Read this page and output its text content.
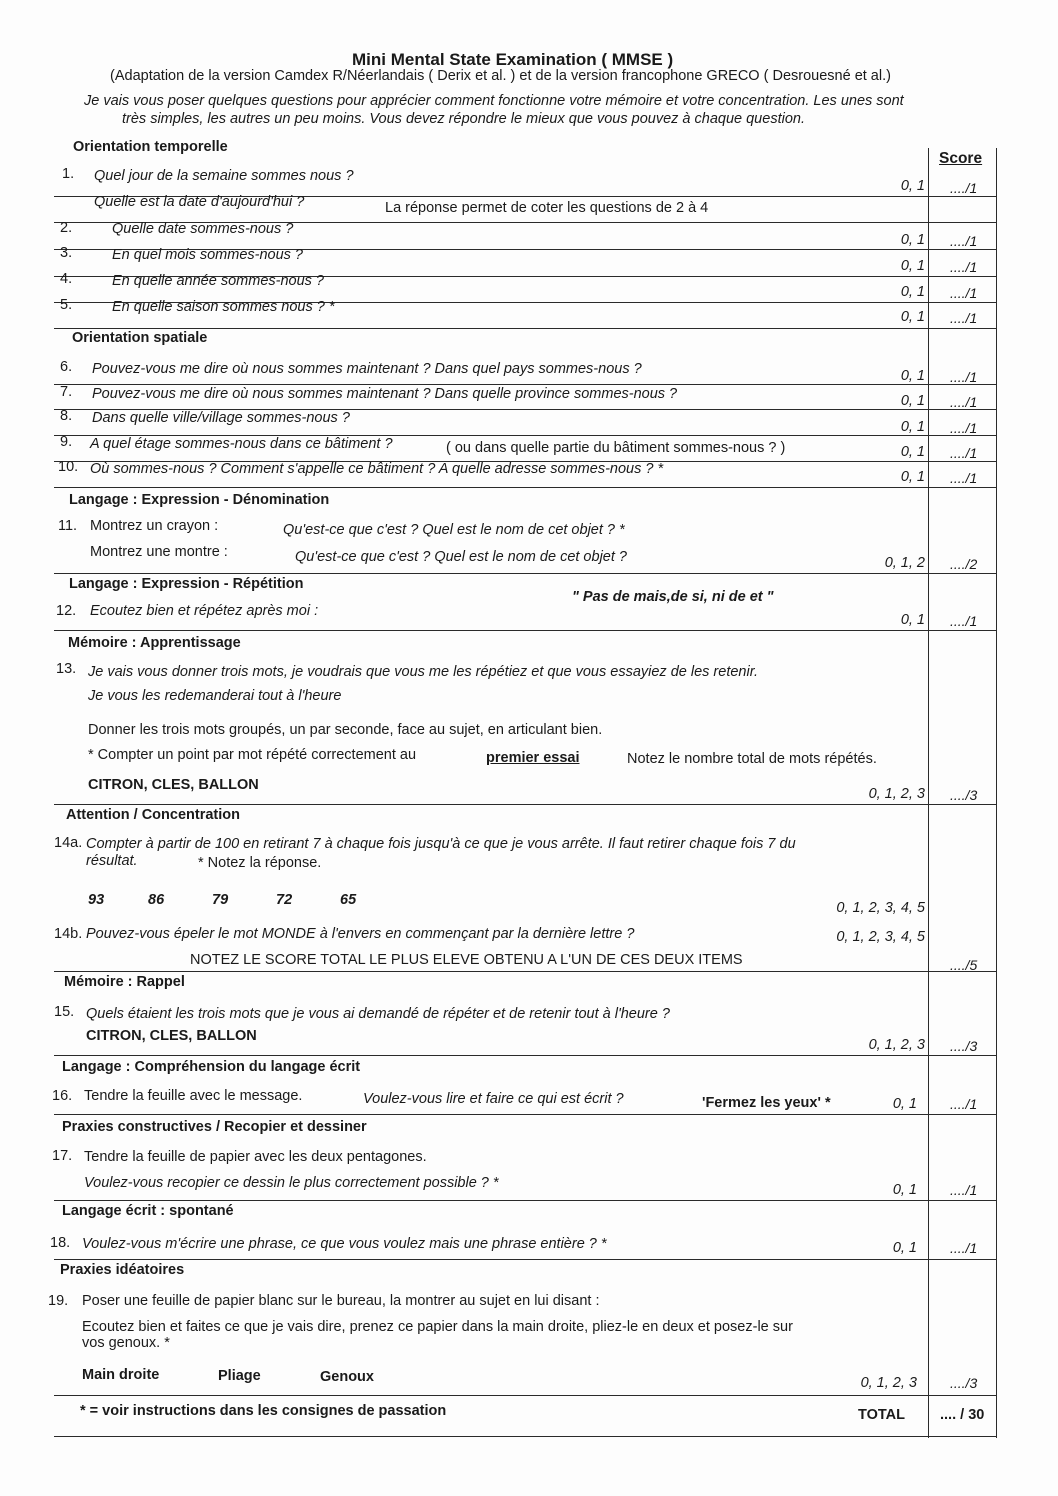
Mini Mental State Examination ( MMSE )
(Adaptation de la version Camdex R/Néerlandais ( Derix et al. ) et de la version francophone GRECO ( Desrouesné et al.)
Je vais vous poser quelques questions pour apprécier comment fonctionne votre mémoire et votre concentration. Les unes sont
très simples, les autres un peu moins. Vous devez répondre le mieux que vous pouvez à chaque question.
Score
Orientation temporelle
1. Quel jour de la semaine sommes nous ?
0, 1 ..../1
Quelle est la date d'aujourd'hui ?	La réponse permet de coter les questions de 2 à 4
2.	Quelle date sommes-nous ?
0, 1 ..../1
3.	En quel mois sommes-nous ?
0, 1 ..../1
4.	En quelle année sommes-nous ?
0, 1 ..../1
5.	En quelle saison sommes nous ? *
0, 1 ..../1
Orientation spatiale
6. Pouvez-vous me dire où nous sommes maintenant ? Dans quel pays sommes-nous ?	0, 1 ..../1
7. Pouvez-vous me dire où nous sommes maintenant ? Dans quelle province sommes-nous ?	0, 1 ..../1
8. Dans quelle ville/village sommes-nous ?
0, 1 ..../1
9. A quel étage sommes-nous dans ce bâtiment ?	( ou dans quelle partie du bâtiment sommes-nous ? )	0, 1 ..../1
10. Où sommes-nous ? Comment s'appelle ce bâtiment ? A quelle adresse sommes-nous ? *	0, 1 ..../1
Langage : Expression - Dénomination
11. Montrez un crayon :	Qu'est-ce que c'est ? Quel est le nom de cet objet ? *
Montrez une montre :	Qu'est-ce que c'est ? Quel est le nom de cet objet ?	0, 1, 2 ..../2
Langage : Expression - Répétition
" Pas de mais,de si, ni de et "
12. Ecoutez bien et répétez après moi :
0, 1 ..../1
Mémoire : Apprentissage
13. Je vais vous donner trois mots, je voudrais que vous me les répétiez et que vous essayiez de les retenir.
Je vous les redemanderai tout à l'heure
Donner les trois mots groupés, un par seconde, face au sujet, en articulant bien.
* Compter un point par mot répété correctement au	premier essai	Notez le nombre total de mots répétés.
CITRON, CLES, BALLON
0, 1, 2, 3 ..../3
Attention / Concentration
14a. Compter à partir de 100 en retirant 7 à chaque fois jusqu'à ce que je vous arrête. Il faut retirer chaque fois 7 du
résultat.	* Notez la réponse.
93	86	79	72	65	0, 1, 2, 3, 4, 5
14b. Pouvez-vous épeler le mot MONDE à l'envers en commençant par la dernière lettre ?	0, 1, 2, 3, 4, 5
NOTEZ LE SCORE TOTAL LE PLUS ELEVE OBTENU A L'UN DE CES DEUX ITEMS	..../5
Mémoire : Rappel
15. Quels étaient les trois mots que je vous ai demandé de répéter et de retenir tout à l'heure ?
CITRON, CLES, BALLON
0, 1, 2, 3 ..../3
Langage : Compréhension du langage écrit
16. Tendre la feuille avec le message.	Voulez-vous lire et faire ce qui est écrit ?	'Fermez les yeux' *	0, 1 ..../1
Praxies constructives / Recopier et dessiner
17. Tendre la feuille de papier avec les deux pentagones.
Voulez-vous recopier ce dessin le plus correctement possible ? *	0, 1 ..../1
Langage écrit : spontané
18. Voulez-vous m'écrire une phrase, ce que vous voulez mais une phrase entière ? *	0, 1 ..../1
Praxies idéatoires
19. Poser une feuille de papier blanc sur le bureau, la montrer au sujet en lui disant :
Ecoutez bien et faites ce que je vais dire, prenez ce papier dans la main droite, pliez-le en deux et posez-le sur
vos genoux. *
Main droite	Pliage	Genoux	0, 1, 2, 3 ..../3
* = voir instructions dans les consignes de passation	TOTAL .... / 30
